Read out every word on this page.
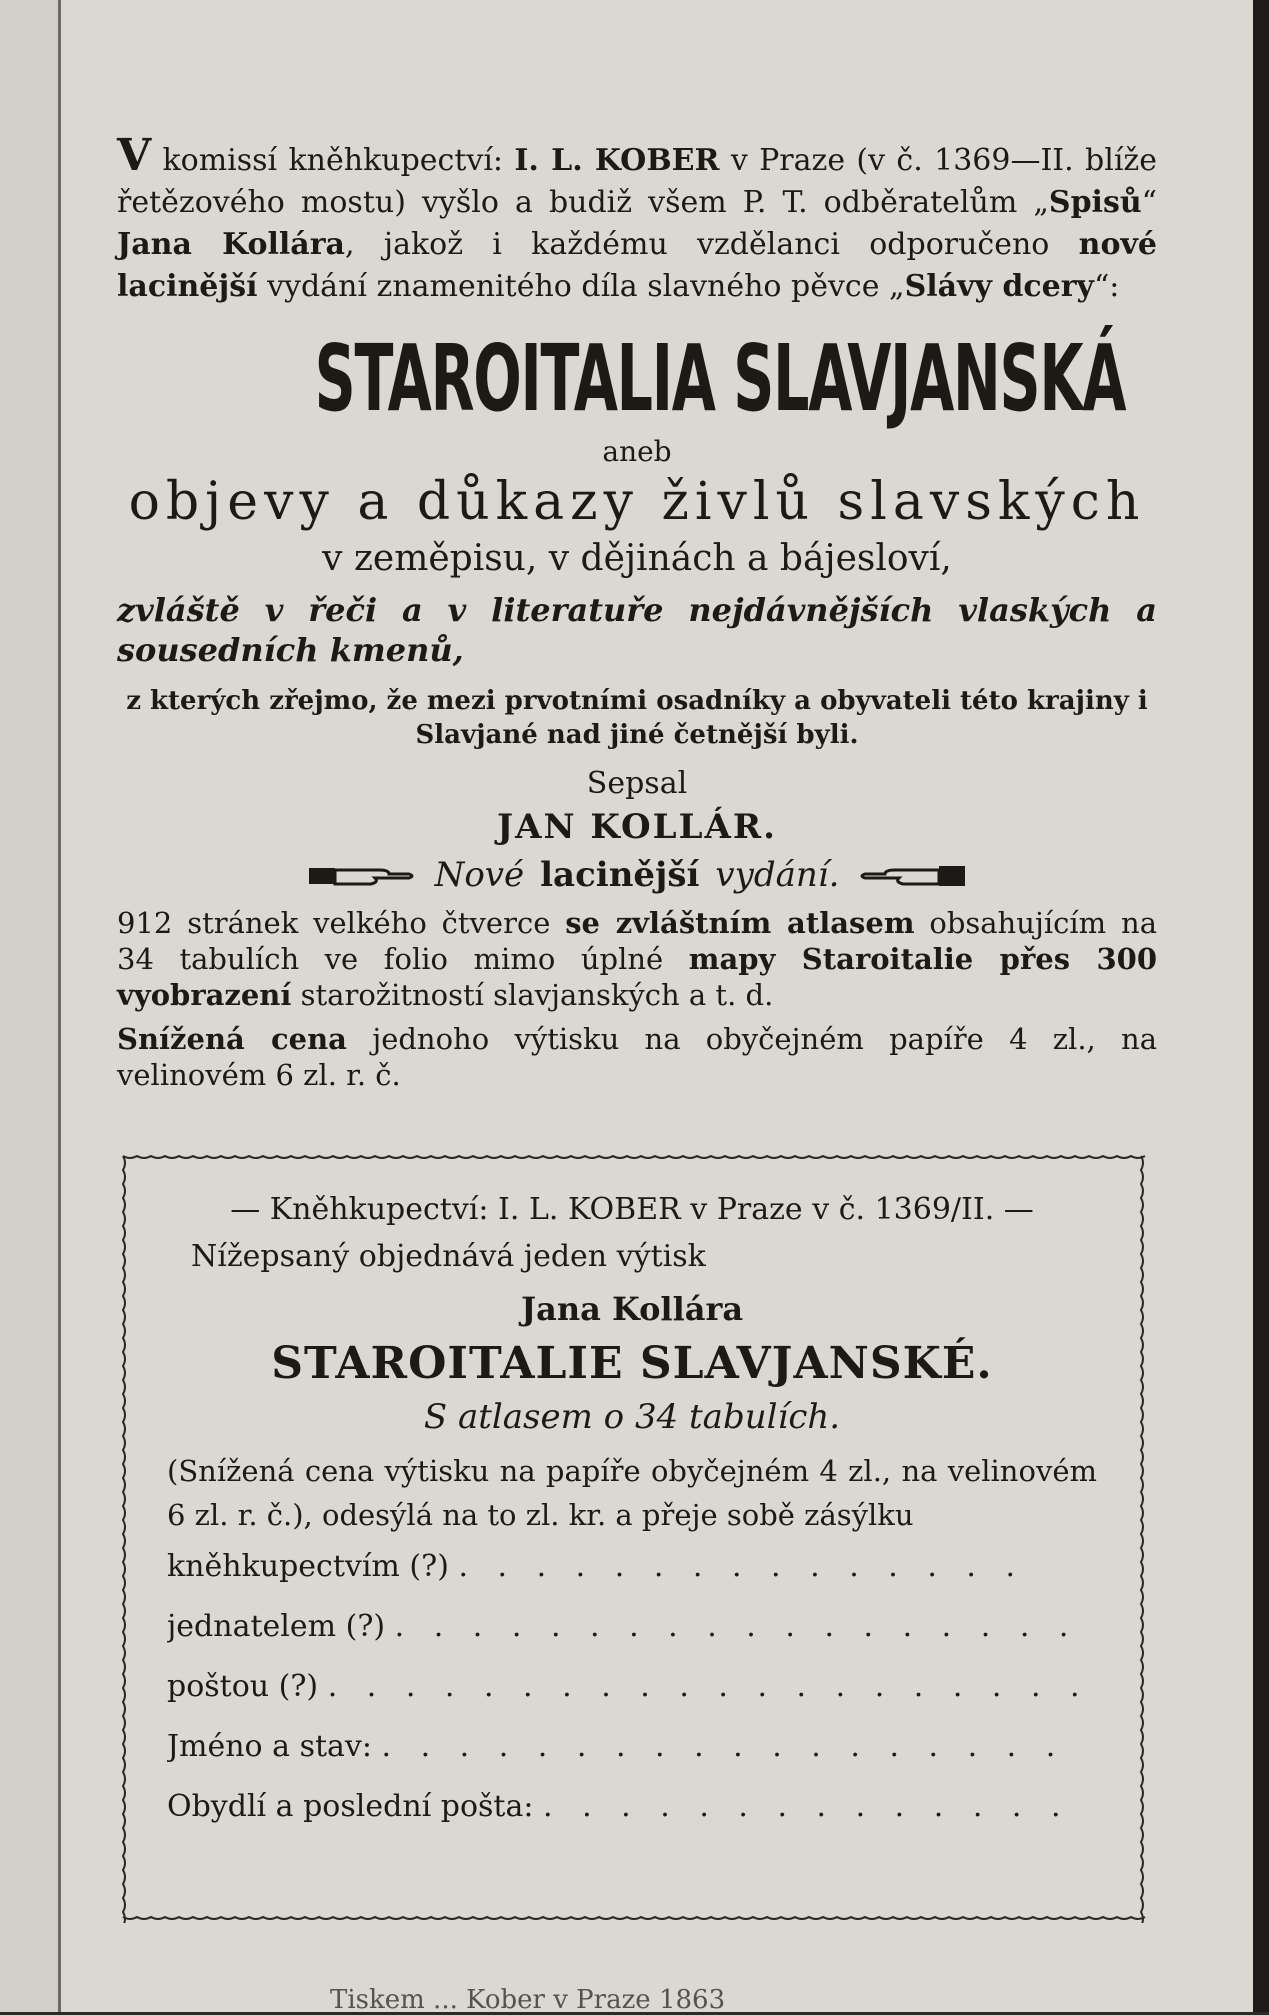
V komissí kněhkupectví: I. L. KOBER v Praze (v č. 1369—II. blíže řetězového mostu) vyšlo a budiž všem P. T. odběratelům „Spisů“ Jana Kollára, jakož i každému vzdělanci odporučeno nové lacinější vydání znamenitého díla slavného pěvce „Slávy dcery“:
STAROITALIA SLAVJANSKÁ
aneb
objevy a důkazy živlů slavských
v zeměpisu, v dějinách a bájesloví,
zvláště v řeči a v literatuře nejdávnějších vlaských a sousedních kmenů,
z kterých zřejmo, že mezi prvotními osadníky a obyvateli této krajiny i Slavjané nad jiné četnější byli.
Sepsal
JAN KOLLÁR.
Nové lacinější vydání.
912 stránek velkého čtverce se zvláštním atlasem obsahujícím na 34 tabulích ve folio mimo úplné mapy Staroitalie přes 300 vyobrazení starožitností slavjanských a t. d.
Snížená cena jednoho výtisku na obyčejném papíře 4 zl., na velinovém 6 zl. r. č.
— Kněhkupectví: I. L. KOBER v Praze v č. 1369/II. —
Nížepsaný objednává jeden výtisk
Jana Kollára
STAROITALIE SLAVJANSKÉ.
S atlasem o 34 tabulích.
(Snížená cena výtisku na papíře obyčejném 4 zl., na velinovém 6 zl. r. č.), odesýlá na to zl. kr. a přeje sobě zásýlku
kněhkupectvím (?) . . . . . . . . . . . . . . .
jednatelem (?) . . . . . . . . . . . . . . . . . .
poštou (?) . . . . . . . . . . . . . . . . . . . .
Jméno a stav: . . . . . . . . . . . . . . . . . .
Obydlí a poslední pošta: . . . . . . . . . . . . . .
Tiskem ... Kober v Praze 1863
